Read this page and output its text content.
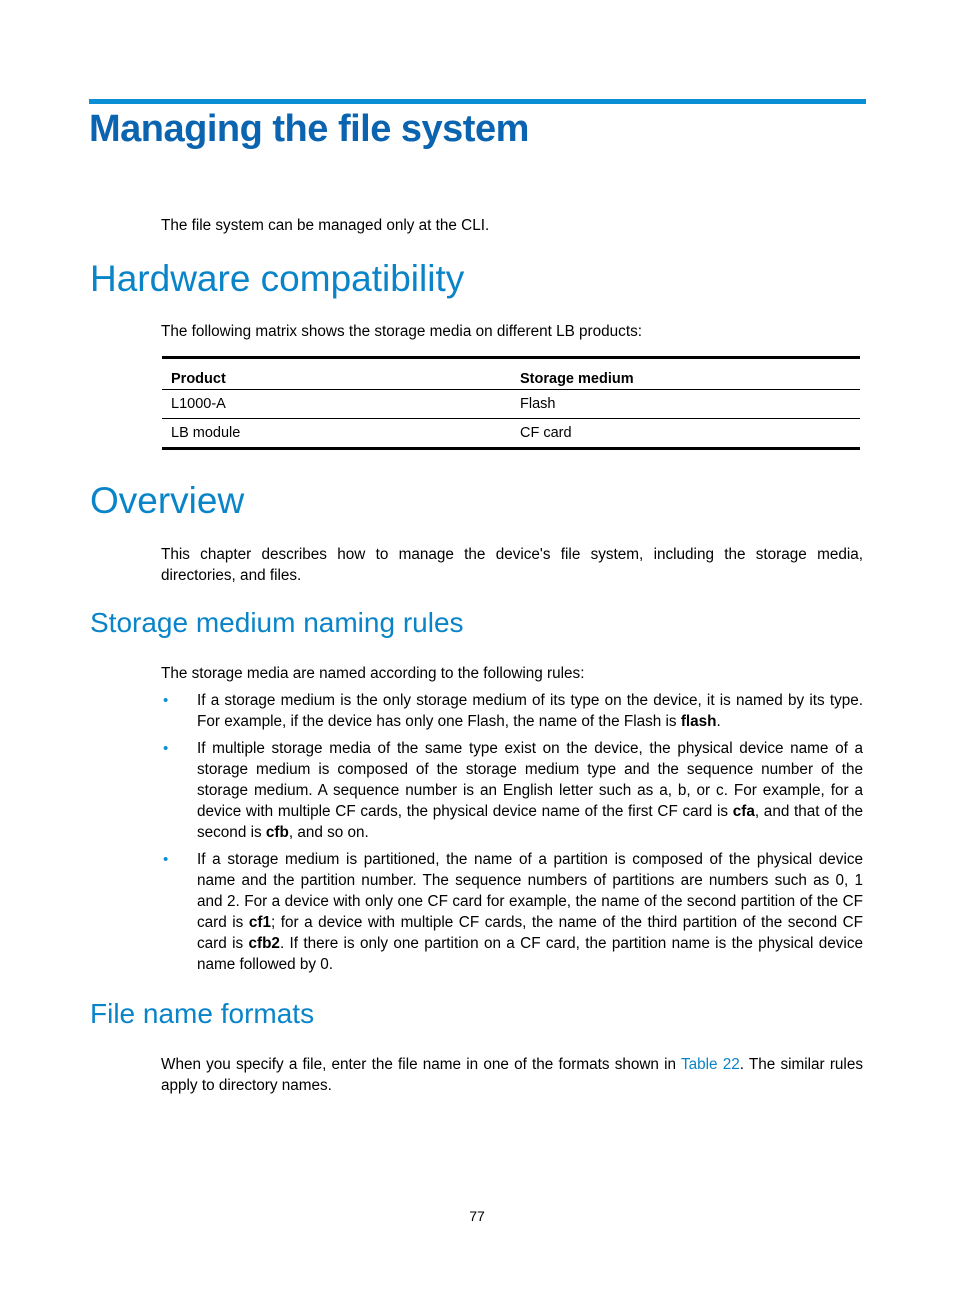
Managing the file system

The file system can be managed only at the CLI.

Hardware compatibility

The following matrix shows the storage media on different LB products:

Product	Storage medium
L1000-A	Flash
LB module	CF card
Overview

This chapter describes how to manage the device's file system, including the storage media, directories, and files.

Storage medium naming rules

The storage media are named according to the following rules:

• If a storage medium is the only storage medium of its type on the device, it is named by its type. For example, if the device has only one Flash, the name of the Flash is flash.
• If multiple storage media of the same type exist on the device, the physical device name of a storage medium is composed of the storage medium type and the sequence number of the storage medium. A sequence number is an English letter such as a, b, or c. For example, for a device with multiple CF cards, the physical device name of the first CF card is cfa, and that of the second is cfb, and so on.
• If a storage medium is partitioned, the name of a partition is composed of the physical device name and the partition number. The sequence numbers of partitions are numbers such as 0, 1 and 2. For a device with only one CF card for example, the name of the second partition of the CF card is cf1; for a device with multiple CF cards, the name of the third partition of the second CF card is cfb2. If there is only one partition on a CF card, the partition name is the physical device name followed by 0.
File name formats

When you specify a file, enter the file name in one of the formats shown in Table 22. The similar rules apply to directory names.

77
